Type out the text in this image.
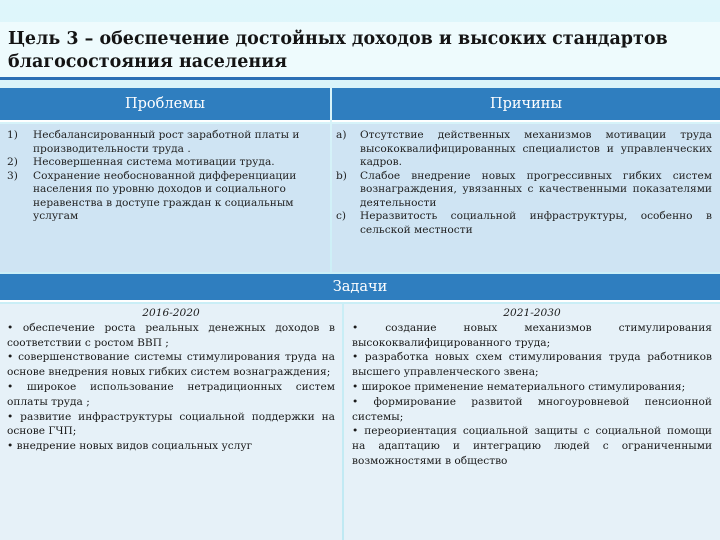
Цель 3 – обеспечение достойных доходов и высоких стандартов
благосостояния населения
Проблемы	Причины
1)	Несбалансированный рост заработной платы и производительности труда .
2)	Несовершенная система мотивации труда.
3)	Сохранение необоснованной дифференциации населения по уровню доходов и социального неравенства в доступе граждан к социальным услугам
a)	Отсутствие действенных механизмов мотивации труда высококвалифицированных специалистов и управленческих кадров.
b)	Слабое внедрение новых прогрессивных гибких систем вознаграждения, увязанных с качественными показателями деятельности
c)	Неразвитость социальной инфраструктуры, особенно в сельской местности
Задачи
2016-2020
• обеспечение роста реальных денежных доходов в соответствии с ростом ВВП ;
• совершенствование системы стимулирования труда на основе внедрения новых гибких систем вознаграждения;
• широкое использование нетрадиционных систем оплаты труда ;
• развитие инфраструктуры социальной поддержки на основе ГЧП;
• внедрение новых видов социальных услуг
2021-2030
• создание новых механизмов стимулирования высококвалифицированного труда;
• разработка новых схем стимулирования труда работников высшего управленческого звена;
• широкое применение нематериального стимулирования;
• формирование развитой многоуровневой пенсионной системы;
• переориентация социальной защиты с социальной помощи на адаптацию и интеграцию людей с ограниченными возможностями в общество
